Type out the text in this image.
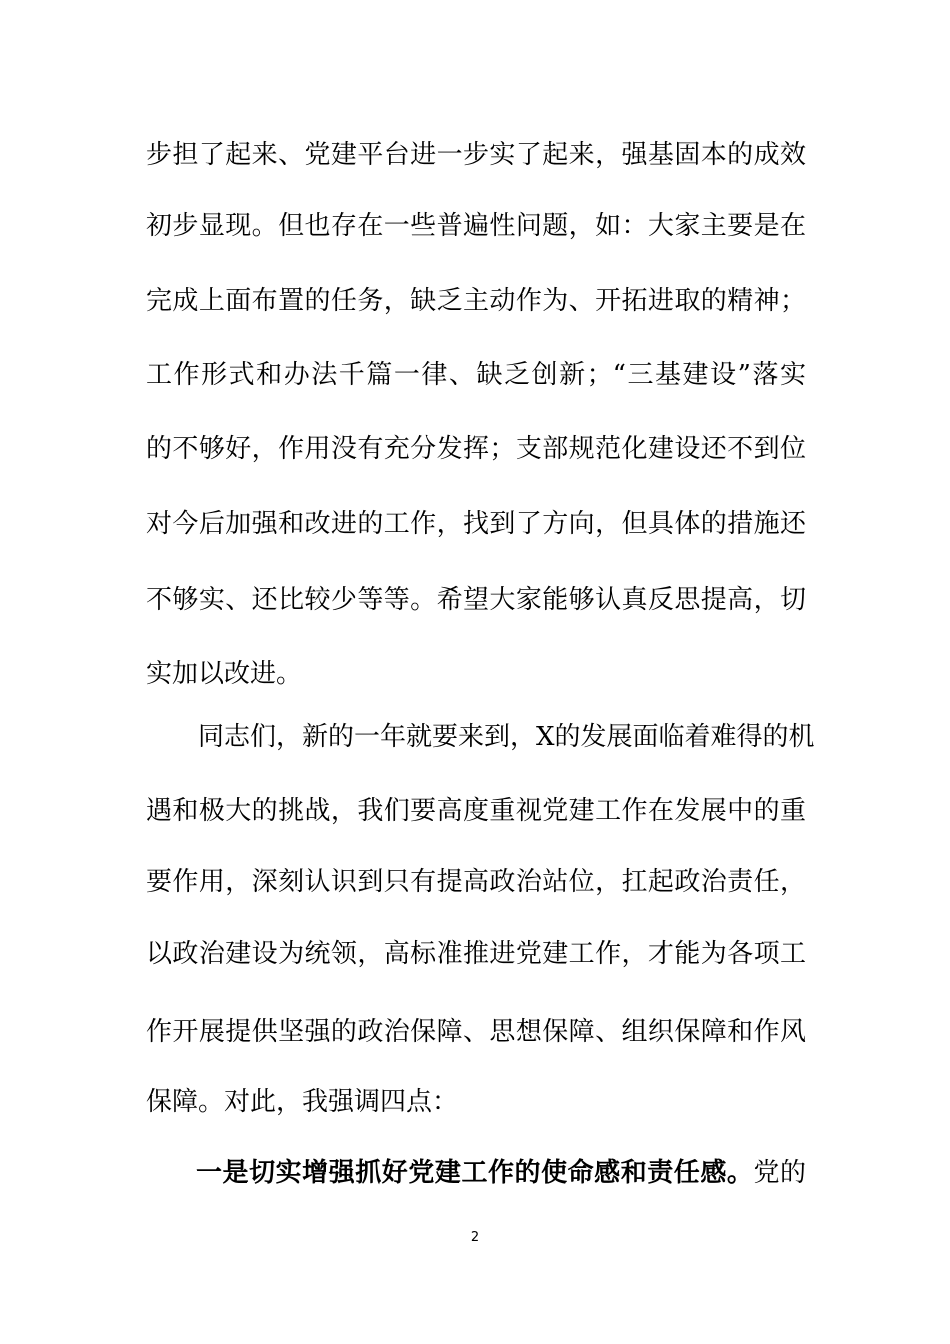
步担了起来、党建平台进一步实了起来，强基固本的成效
初步显现。但也存在一些普遍性问题，如：大家主要是在
完成上面布置的任务，缺乏主动作为、开拓进取的精神；
工作形式和办法千篇一律、缺乏创新；“三基建设”落实
的不够好，作用没有充分发挥；支部规范化建设还不到位
对今后加强和改进的工作，找到了方向，但具体的措施还
不够实、还比较少等等。希望大家能够认真反思提高，切
实加以改进。
同志们，新的一年就要来到，X的发展面临着难得的机
遇和极大的挑战，我们要高度重视党建工作在发展中的重
要作用，深刻认识到只有提高政治站位，扛起政治责任，
以政治建设为统领，高标准推进党建工作，才能为各项工
作开展提供坚强的政治保障、思想保障、组织保障和作风
保障。对此，我强调四点：
一是切实增强抓好党建工作的使命感和责任感。党的
2
